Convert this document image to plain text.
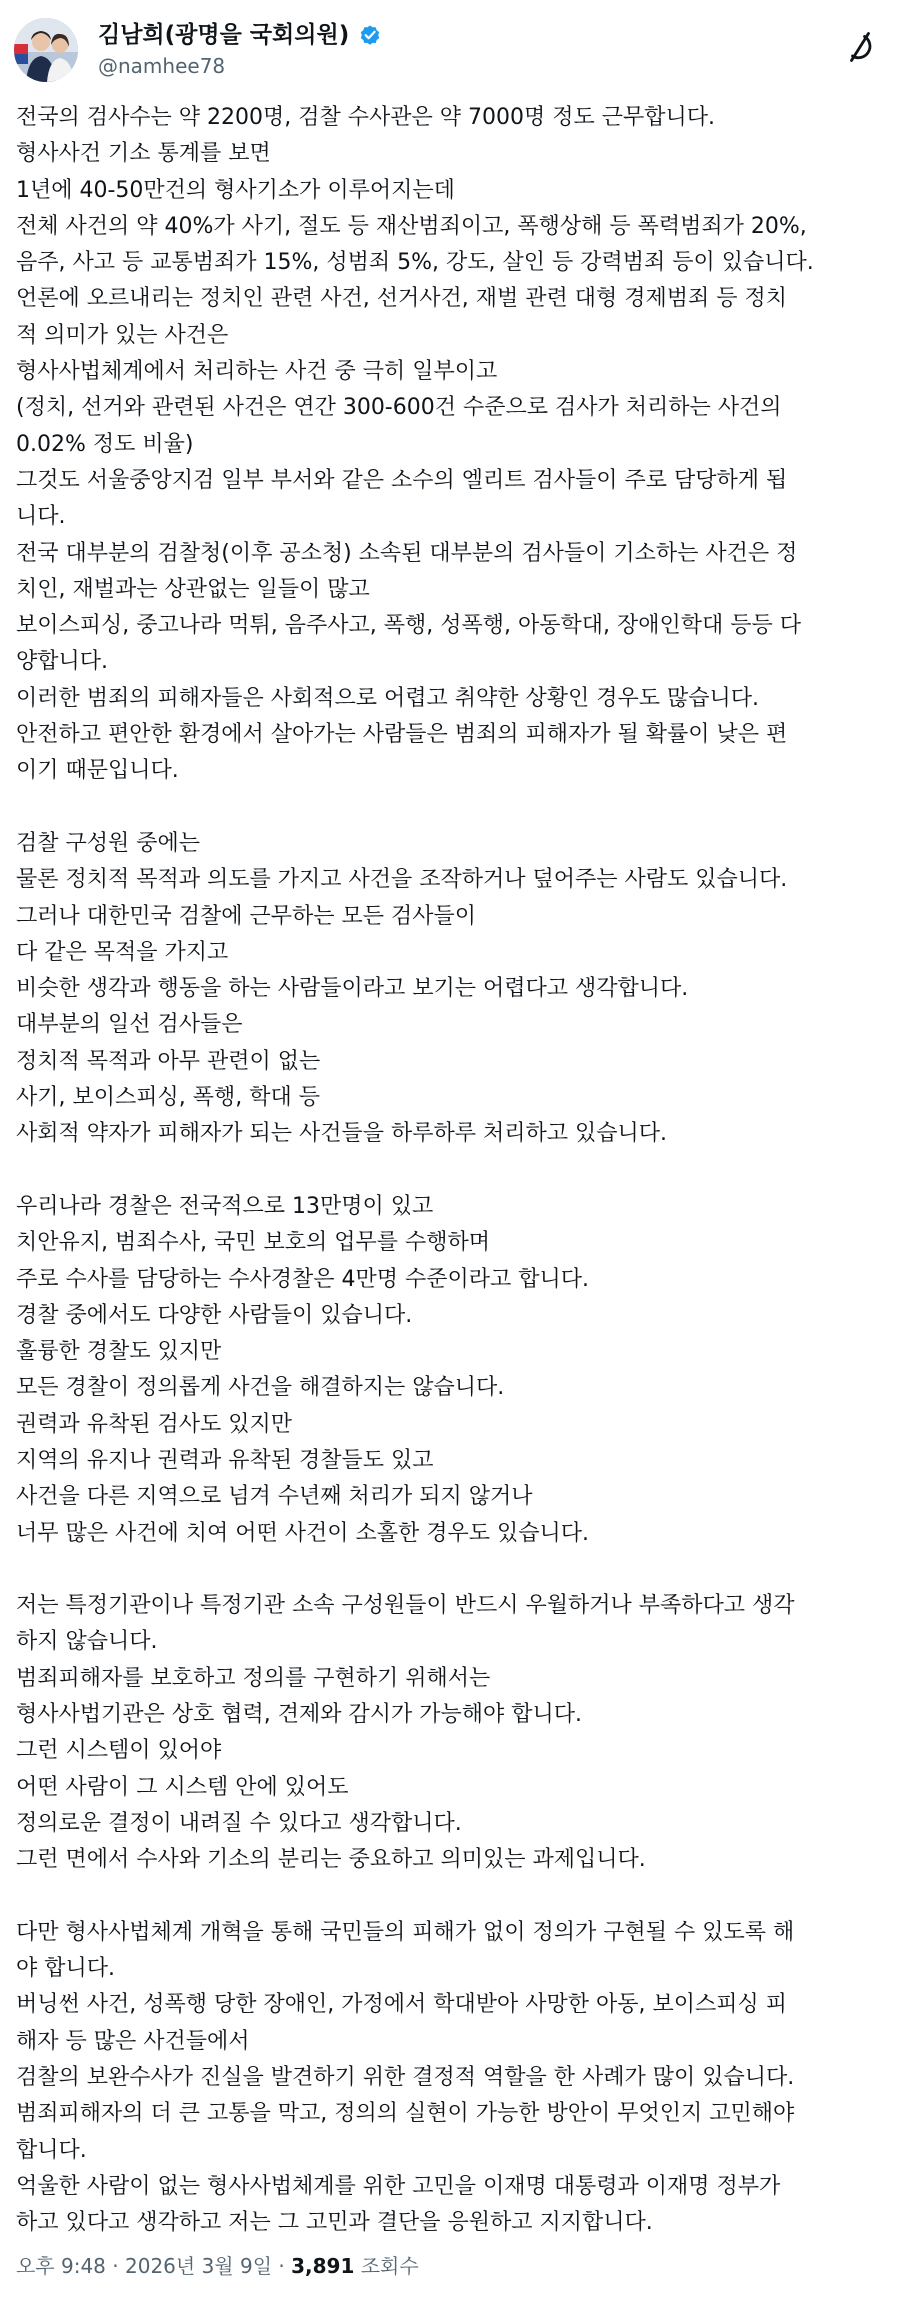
김남희(광명을 국회의원)
@namhee78
전국의 검사수는 약 2200명, 검찰 수사관은 약 7000명 정도 근무합니다.
형사사건 기소 통계를 보면
1년에 40-50만건의 형사기소가 이루어지는데
전체 사건의 약 40%가 사기, 절도 등 재산범죄이고, 폭행상해 등 폭력범죄가 20%,
음주, 사고 등 교통범죄가 15%, 성범죄 5%, 강도, 살인 등 강력범죄 등이 있습니다.
언론에 오르내리는 정치인 관련 사건, 선거사건, 재벌 관련 대형 경제범죄 등 정치
적 의미가 있는 사건은
형사사법체계에서 처리하는 사건 중 극히 일부이고
(정치, 선거와 관련된 사건은 연간 300-600건 수준으로 검사가 처리하는 사건의
0.02% 정도 비율)
그것도 서울중앙지검 일부 부서와 같은 소수의 엘리트 검사들이 주로 담당하게 됩
니다.
전국 대부분의 검찰청(이후 공소청) 소속된 대부분의 검사들이 기소하는 사건은 정
치인, 재벌과는 상관없는 일들이 많고
보이스피싱, 중고나라 먹튀, 음주사고, 폭행, 성폭행, 아동학대, 장애인학대 등등 다
양합니다.
이러한 범죄의 피해자들은 사회적으로 어렵고 취약한 상황인 경우도 많습니다.
안전하고 편안한 환경에서 살아가는 사람들은 범죄의 피해자가 될 확률이 낮은 편
이기 때문입니다.
검찰 구성원 중에는
물론 정치적 목적과 의도를 가지고 사건을 조작하거나 덮어주는 사람도 있습니다.
그러나 대한민국 검찰에 근무하는 모든 검사들이
다 같은 목적을 가지고
비슷한 생각과 행동을 하는 사람들이라고 보기는 어렵다고 생각합니다.
대부분의 일선 검사들은
정치적 목적과 아무 관련이 없는
사기, 보이스피싱, 폭행, 학대 등
사회적 약자가 피해자가 되는 사건들을 하루하루 처리하고 있습니다.
우리나라 경찰은 전국적으로 13만명이 있고
치안유지, 범죄수사, 국민 보호의 업무를 수행하며
주로 수사를 담당하는 수사경찰은 4만명 수준이라고 합니다.
경찰 중에서도 다양한 사람들이 있습니다.
훌륭한 경찰도 있지만
모든 경찰이 정의롭게 사건을 해결하지는 않습니다.
권력과 유착된 검사도 있지만
지역의 유지나 권력과 유착된 경찰들도 있고
사건을 다른 지역으로 넘겨 수년째 처리가 되지 않거나
너무 많은 사건에 치여 어떤 사건이 소홀한 경우도 있습니다.
저는 특정기관이나 특정기관 소속 구성원들이 반드시 우월하거나 부족하다고 생각
하지 않습니다.
범죄피해자를 보호하고 정의를 구현하기 위해서는
형사사법기관은 상호 협력, 견제와 감시가 가능해야 합니다.
그런 시스템이 있어야
어떤 사람이 그 시스템 안에 있어도
정의로운 결정이 내려질 수 있다고 생각합니다.
그런 면에서 수사와 기소의 분리는 중요하고 의미있는 과제입니다.
다만 형사사법체계 개혁을 통해 국민들의 피해가 없이 정의가 구현될 수 있도록 해
야 합니다.
버닝썬 사건, 성폭행 당한 장애인, 가정에서 학대받아 사망한 아동, 보이스피싱 피
해자 등 많은 사건들에서
검찰의 보완수사가 진실을 발견하기 위한 결정적 역할을 한 사례가 많이 있습니다.
범죄피해자의 더 큰 고통을 막고, 정의의 실현이 가능한 방안이 무엇인지 고민해야
합니다.
억울한 사람이 없는 형사사법체계를 위한 고민을 이재명 대통령과 이재명 정부가
하고 있다고 생각하고 저는 그 고민과 결단을 응원하고 지지합니다.
오후 9:48 · 2026년 3월 9일 · 3,891 조회수
